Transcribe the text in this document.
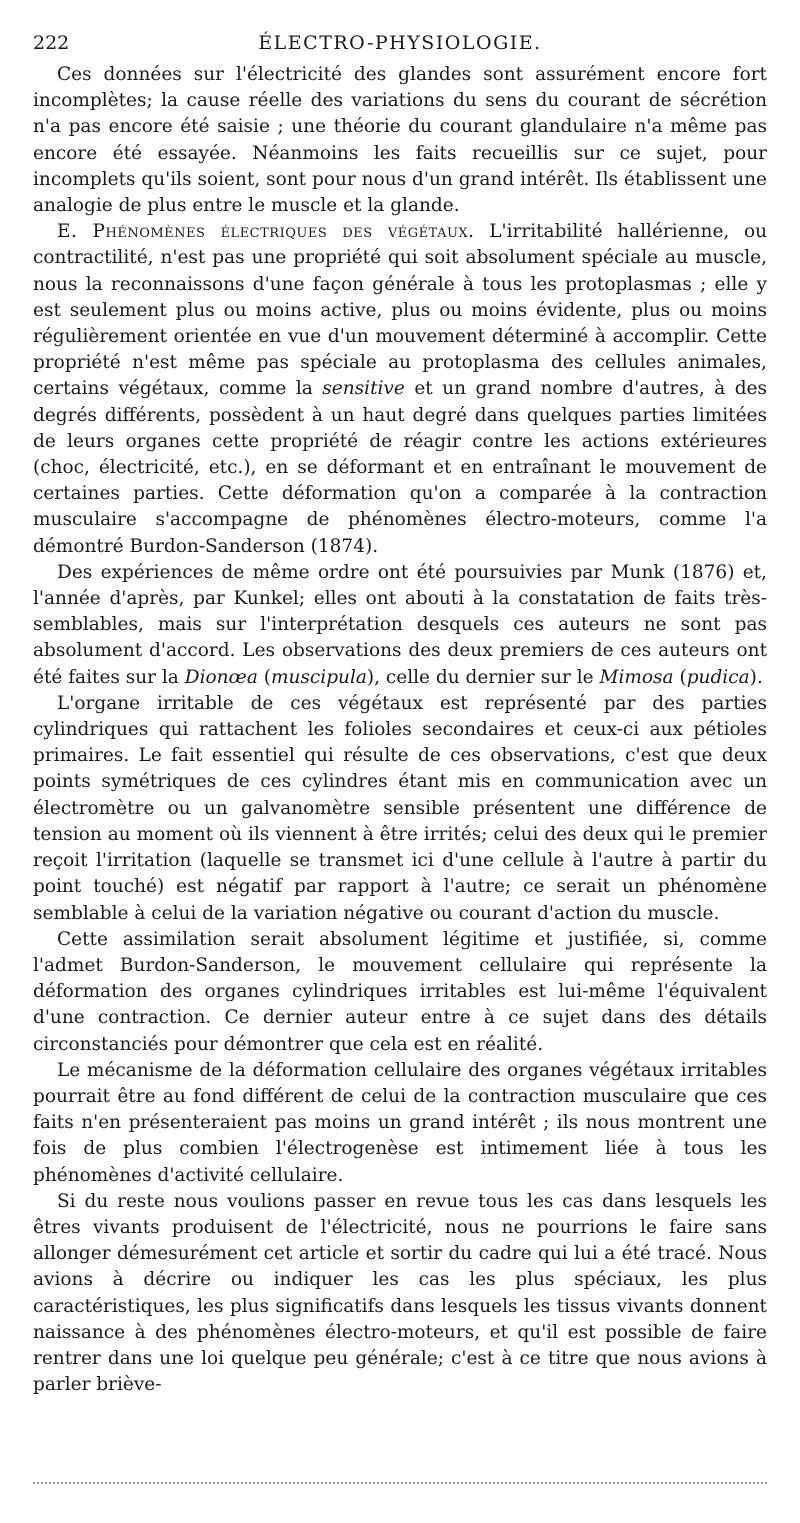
222	ÉLECTRO-PHYSIOLOGIE.

Ces données sur l'électricité des glandes sont assurément encore fort incomplètes; la cause réelle des variations du sens du courant de sécrétion n'a pas encore été saisie ; une théorie du courant glandulaire n'a même pas encore été essayée. Néanmoins les faits recueillis sur ce sujet, pour incomplets qu'ils soient, sont pour nous d'un grand intérêt. Ils établissent une analogie de plus entre le muscle et la glande.

E. Phénomènes électriques des végétaux. L'irritabilité hallérienne, ou contractilité, n'est pas une propriété qui soit absolument spéciale au muscle, nous la reconnaissons d'une façon générale à tous les protoplasmas ; elle y est seulement plus ou moins active, plus ou moins évidente, plus ou moins régulièrement orientée en vue d'un mouvement déterminé à accomplir. Cette propriété n'est même pas spéciale au protoplasma des cellules animales, certains végétaux, comme la sensitive et un grand nombre d'autres, à des degrés différents, possèdent à un haut degré dans quelques parties limitées de leurs organes cette propriété de réagir contre les actions extérieures (choc, électricité, etc.), en se déformant et en entraînant le mouvement de certaines parties. Cette déformation qu'on a comparée à la contraction musculaire s'accompagne de phénomènes électro-moteurs, comme l'a démontré Burdon-Sanderson (1874).

Des expériences de même ordre ont été poursuivies par Munk (1876) et, l'année d'après, par Kunkel; elles ont abouti à la constatation de faits très-semblables, mais sur l'interprétation desquels ces auteurs ne sont pas absolument d'accord. Les observations des deux premiers de ces auteurs ont été faites sur la Dionœa (muscipula), celle du dernier sur le Mimosa (pudica).

L'organe irritable de ces végétaux est représenté par des parties cylindriques qui rattachent les folioles secondaires et ceux-ci aux pétioles primaires. Le fait essentiel qui résulte de ces observations, c'est que deux points symétriques de ces cylindres étant mis en communication avec un électromètre ou un galvanomètre sensible présentent une différence de tension au moment où ils viennent à être irrités; celui des deux qui le premier reçoit l'irritation (laquelle se transmet ici d'une cellule à l'autre à partir du point touché) est négatif par rapport à l'autre; ce serait un phénomène semblable à celui de la variation négative ou courant d'action du muscle.

Cette assimilation serait absolument légitime et justifiée, si, comme l'admet Burdon-Sanderson, le mouvement cellulaire qui représente la déformation des organes cylindriques irritables est lui-même l'équivalent d'une contraction. Ce dernier auteur entre à ce sujet dans des détails circonstanciés pour démontrer que cela est en réalité.

Le mécanisme de la déformation cellulaire des organes végétaux irritables pourrait être au fond différent de celui de la contraction musculaire que ces faits n'en présenteraient pas moins un grand intérêt ; ils nous montrent une fois de plus combien l'électrogenèse est intimement liée à tous les phénomènes d'activité cellulaire.

Si du reste nous voulions passer en revue tous les cas dans lesquels les êtres vivants produisent de l'électricité, nous ne pourrions le faire sans allonger démesurément cet article et sortir du cadre qui lui a été tracé. Nous avions à décrire ou indiquer les cas les plus spéciaux, les plus caractéristiques, les plus significatifs dans lesquels les tissus vivants donnent naissance à des phénomènes électro-moteurs, et qu'il est possible de faire rentrer dans une loi quelque peu générale; c'est à ce titre que nous avions à parler briève-
